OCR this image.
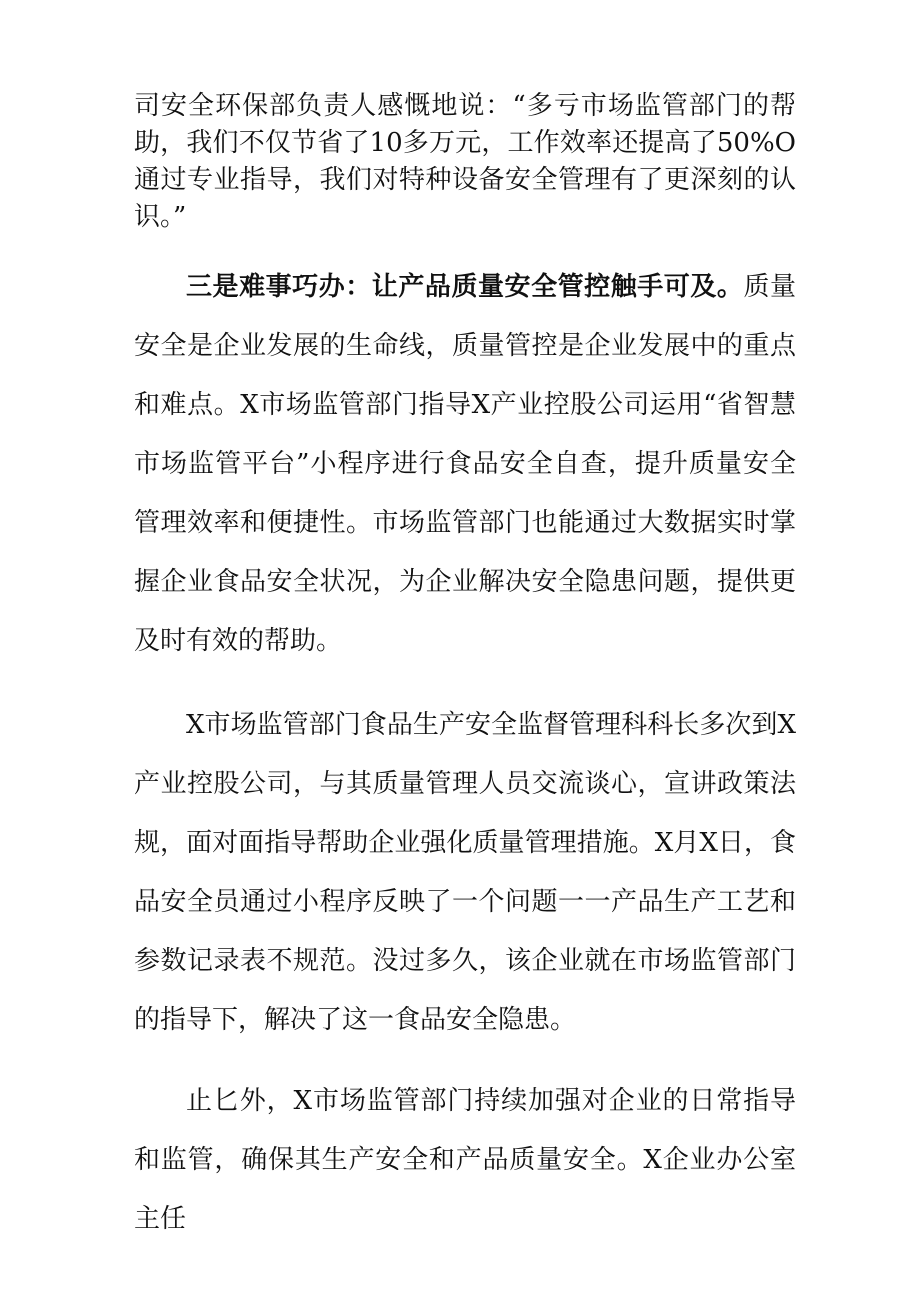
司安全环保部负责人感慨地说：“多亏市场监管部门的帮助，我们不仅节省了10多万元，工作效率还提高了50%O通过专业指导，我们对特种设备安全管理有了更深刻的认识。”

三是难事巧办：让产品质量安全管控触手可及。质量安全是企业发展的生命线，质量管控是企业发展中的重点和难点。X市场监管部门指导X产业控股公司运用“省智慧市场监管平台”小程序进行食品安全自查，提升质量安全管理效率和便捷性。市场监管部门也能通过大数据实时掌握企业食品安全状况，为企业解决安全隐患问题，提供更及时有效的帮助。

X市场监管部门食品生产安全监督管理科科长多次到X产业控股公司，与其质量管理人员交流谈心，宣讲政策法规，面对面指导帮助企业强化质量管理措施。X月X日，食品安全员通过小程序反映了一个问题一一产品生产工艺和参数记录表不规范。没过多久，该企业就在市场监管部门的指导下，解决了这一食品安全隐患。

止匕外，X市场监管部门持续加强对企业的日常指导和监管，确保其生产安全和产品质量安全。X企业办公室主任
